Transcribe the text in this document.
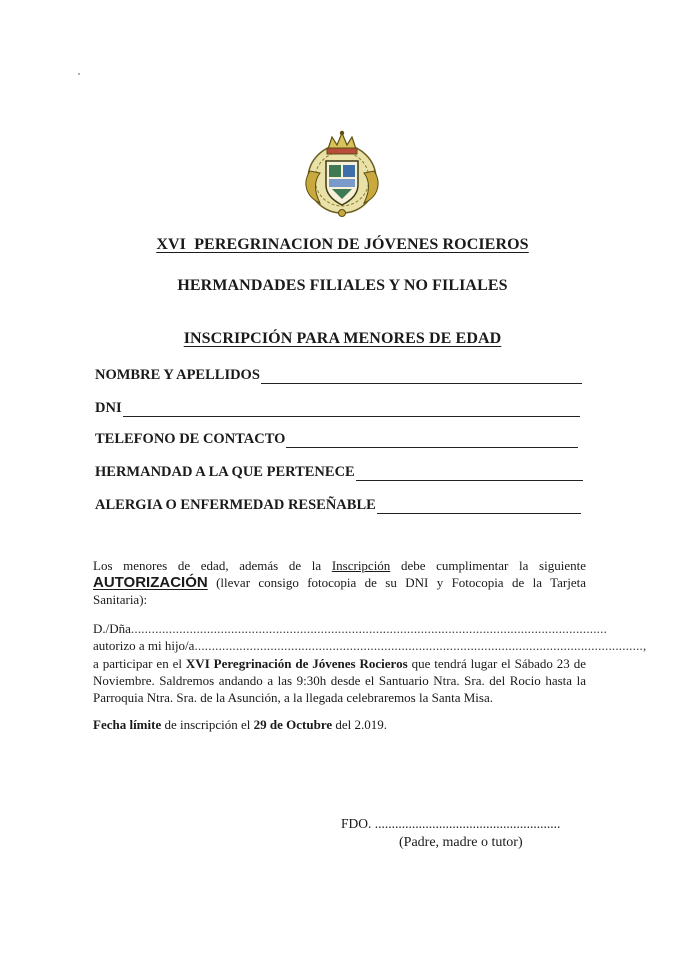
XVI PEREGRINACION DE JÓVENES ROCIEROS
HERMANDADES FILIALES Y NO FILIALES
INSCRIPCIÓN PARA MENORES DE EDAD
NOMBRE Y APELLIDOS
DNI
TELEFONO DE CONTACTO
HERMANDAD A LA QUE PERTENECE
ALERGIA O ENFERMEDAD RESEÑABLE
Los menores de edad, además de la Inscripción debe cumplimentar la siguiente AUTORIZACIÓN (llevar consigo fotocopia de su DNI y Fotocopia de la Tarjeta Sanitaria):
D./Dña..........................................................................................................................................
autorizo a mi hijo/a..................................................................................................................................,
a participar en el XVI Peregrinación de Jóvenes Rocieros que tendrá lugar el Sábado 23 de Noviembre. Saldremos andando a las 9:30h desde el Santuario Ntra. Sra. del Rocio hasta la Parroquia Ntra. Sra. de la Asunción, a la llegada celebraremos la Santa Misa.
Fecha límite de inscripción el 29 de Octubre del 2.019.
FDO. .......................................................
(Padre, madre o tutor)
